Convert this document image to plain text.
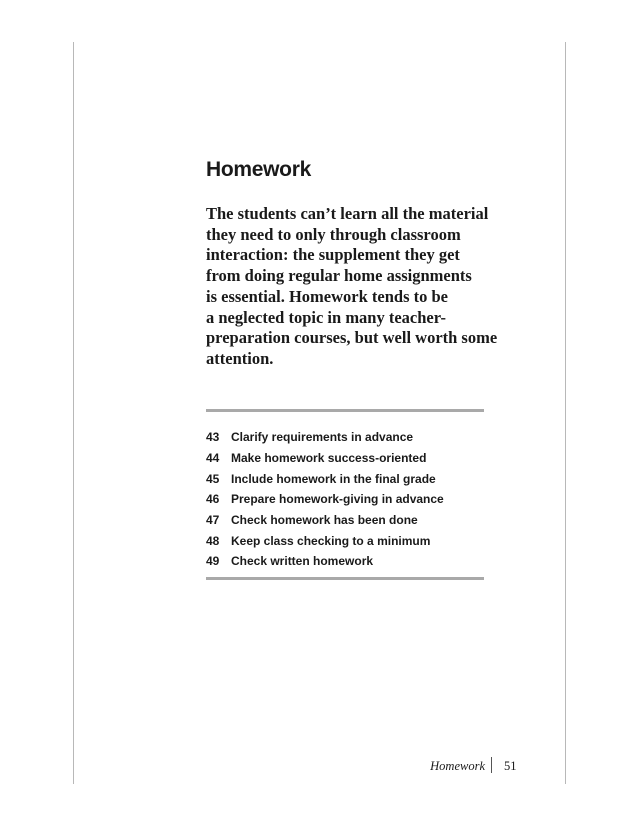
Homework

The students can’t learn all the material
they need to only through classroom
interaction: the supplement they get
from doing regular home assignments
is essential. Homework tends to be
a neglected topic in many teacher-
preparation courses, but well worth some
attention.

43 Clarify requirements in advance
44 Make homework success-oriented
45 Include homework in the final grade
46 Prepare homework-giving in advance
47 Check homework has been done
48 Keep class checking to a minimum
49 Check written homework
Homework 51
